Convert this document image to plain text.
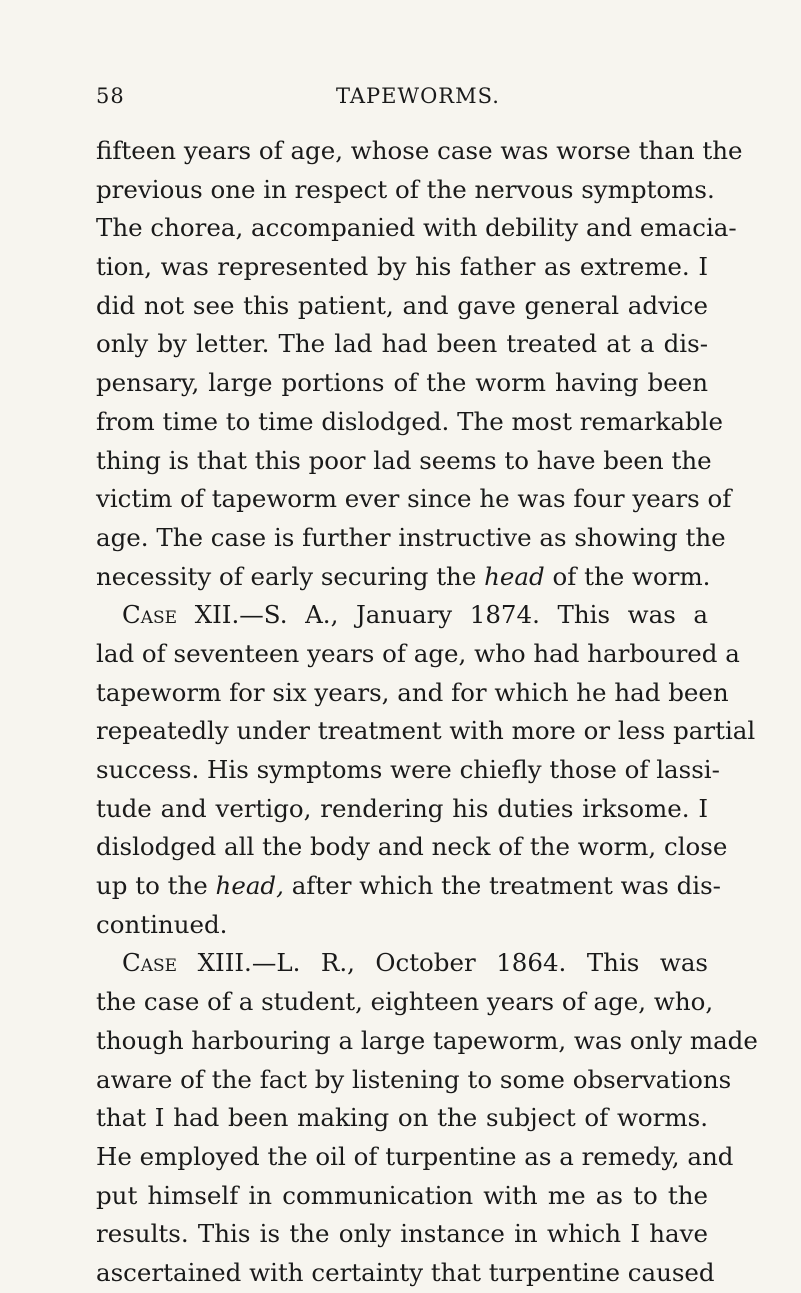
58	TAPEWORMS.
fifteen years of age, whose case was worse than the
previous one in respect of the nervous symptoms.
The chorea, accompanied with debility and emacia-
tion, was represented by his father as extreme. I
did not see this patient, and gave general advice
only by letter. The lad had been treated at a dis-
pensary, large portions of the worm having been
from time to time dislodged. The most remarkable
thing is that this poor lad seems to have been the
victim of tapeworm ever since he was four years of
age. The case is further instructive as showing the
necessity of early securing the head of the worm.
Case XII.—S. A., January 1874. This was a
lad of seventeen years of age, who had harboured a
tapeworm for six years, and for which he had been
repeatedly under treatment with more or less partial
success. His symptoms were chiefly those of lassi-
tude and vertigo, rendering his duties irksome. I
dislodged all the body and neck of the worm, close
up to the head, after which the treatment was dis-
continued.
Case XIII.—L. R., October 1864. This was
the case of a student, eighteen years of age, who,
though harbouring a large tapeworm, was only made
aware of the fact by listening to some observations
that I had been making on the subject of worms.
He employed the oil of turpentine as a remedy, and
put himself in communication with me as to the
results. This is the only instance in which I have
ascertained with certainty that turpentine caused
